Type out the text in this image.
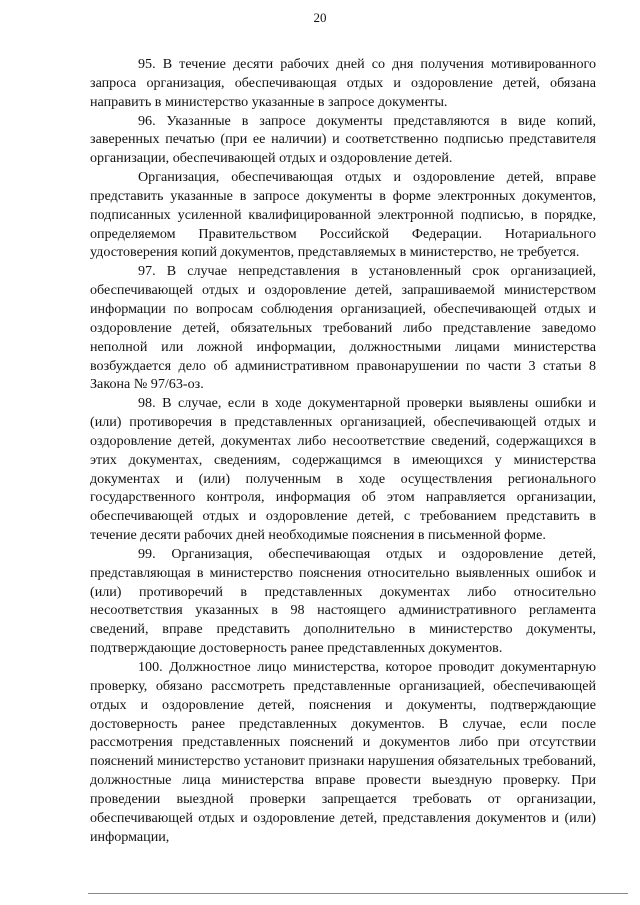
20

95. В течение десяти рабочих дней со дня получения мотивированного запроса организация, обеспечивающая отдых и оздоровление детей, обязана направить в министерство указанные в запросе документы.

96. Указанные в запросе документы представляются в виде копий, заверенных печатью (при ее наличии) и соответственно подписью представителя организации, обеспечивающей отдых и оздоровление детей.

Организация, обеспечивающая отдых и оздоровление детей, вправе представить указанные в запросе документы в форме электронных документов, подписанных усиленной квалифицированной электронной подписью, в порядке, определяемом Правительством Российской Федерации. Нотариального удостоверения копий документов, представляемых в министерство, не требуется.

97. В случае непредставления в установленный срок организацией, обеспечивающей отдых и оздоровление детей, запрашиваемой министерством информации по вопросам соблюдения организацией, обеспечивающей отдых и оздоровление детей, обязательных требований либо представление заведомо неполной или ложной информации, должностными лицами министерства возбуждается дело об административном правонарушении по части 3 статьи 8 Закона № 97/63-оз.

98. В случае, если в ходе документарной проверки выявлены ошибки и (или) противоречия в представленных организацией, обеспечивающей отдых и оздоровление детей, документах либо несоответствие сведений, содержащихся в этих документах, сведениям, содержащимся в имеющихся у министерства документах и (или) полученным в ходе осуществления регионального государственного контроля, информация об этом направляется организации, обеспечивающей отдых и оздоровление детей, с требованием представить в течение десяти рабочих дней необходимые пояснения в письменной форме.

99. Организация, обеспечивающая отдых и оздоровление детей, представляющая в министерство пояснения относительно выявленных ошибок и (или) противоречий в представленных документах либо относительно несоответствия указанных в 98 настоящего административного регламента сведений, вправе представить дополнительно в министерство документы, подтверждающие достоверность ранее представленных документов.

100. Должностное лицо министерства, которое проводит документарную проверку, обязано рассмотреть представленные организацией, обеспечивающей отдых и оздоровление детей, пояснения и документы, подтверждающие достоверность ранее представленных документов. В случае, если после рассмотрения представленных пояснений и документов либо при отсутствии пояснений министерство установит признаки нарушения обязательных требований, должностные лица министерства вправе провести выездную проверку. При проведении выездной проверки запрещается требовать от организации, обеспечивающей отдых и оздоровление детей, представления документов и (или) информации,
